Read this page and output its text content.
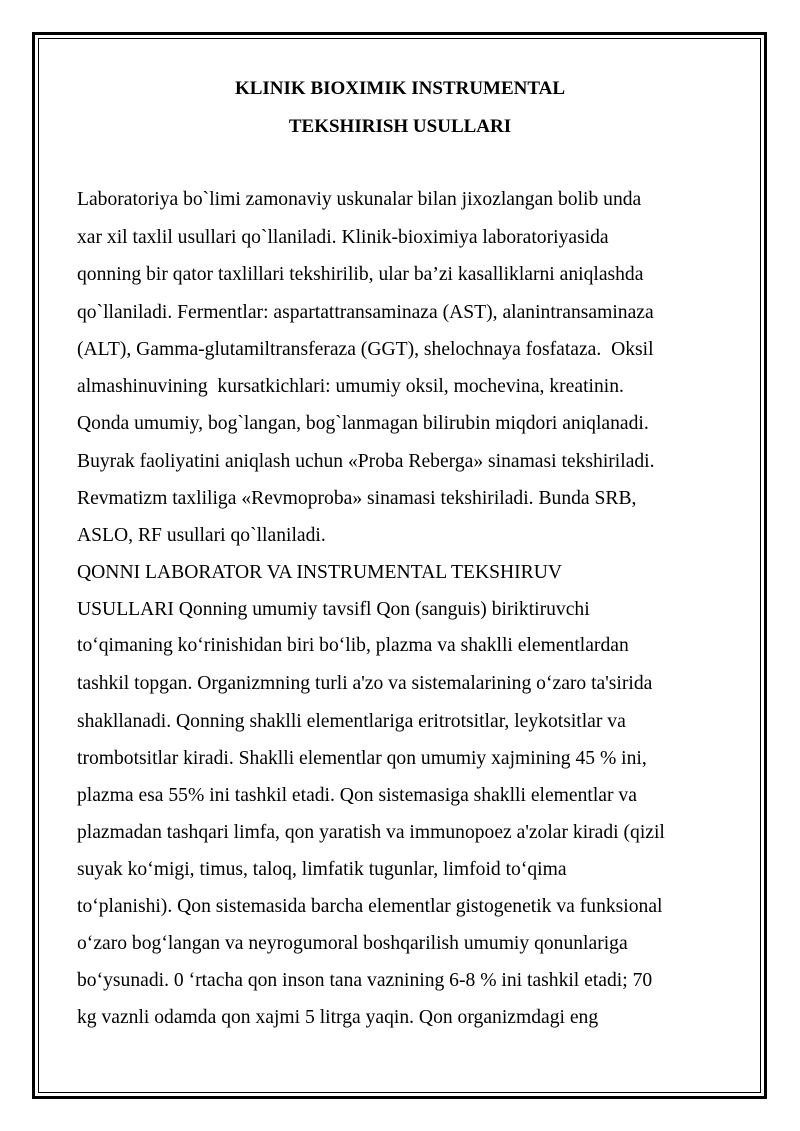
KLINIK BIOXIMIK INSTRUMENTAL
TEKSHIRISH USULLARI
Laboratoriya bo`limi zamonaviy uskunalar bilan jixozlangan bolib unda
xar xil taxlil usullari qo`llaniladi. Klinik-bioximiya laboratoriyasida
qonning bir qator taxlillari tekshirilib, ular ba’zi kasalliklarni aniqlashda
qo`llaniladi. Fermentlar: aspartattransaminaza (AST), alanintransaminaza
(ALT), Gamma-glutamiltransferaza (GGT), shelochnaya fosfataza.  Oksil
almashinuvining  kursatkichlari: umumiy oksil, mochevina, kreatinin.
Qonda umumiy, bog`langan, bog`lanmagan bilirubin miqdori aniqlanadi.
Buyrak faoliyatini aniqlash uchun «Proba Reberga» sinamasi tekshiriladi.
Revmatizm taxliliga «Revmoproba» sinamasi tekshiriladi. Bunda SRB,
ASLO, RF usullari qo`llaniladi.
QONNI LABORATOR VA INSTRUMENTAL TEKSHIRUV
USULLARI Qonning umumiy tavsifl Qon (sanguis) biriktiruvchi
to‘qimaning ko‘rinishidan biri bo‘lib, plazma va shaklli elementlardan
tashkil topgan. Organizmning turli a'zo va sistemalarining o‘zaro ta'sirida
shakllanadi. Qonning shaklli elementlariga eritrotsitlar, leykotsitlar va
trombotsitlar kiradi. Shaklli elementlar qon umumiy xajmining 45 % ini,
plazma esa 55% ini tashkil etadi. Qon sistemasiga shaklli elementlar va
plazmadan tashqari limfa, qon yaratish va immunopoez a'zolar kiradi (qizil
suyak ko‘migi, timus, taloq, limfatik tugunlar, limfoid to‘qima
to‘planishi). Qon sistemasida barcha elementlar gistogenetik va funksional
o‘zaro bog‘langan va neyrogumoral boshqarilish umumiy qonunlariga
bo‘ysunadi. 0 ‘rtacha qon inson tana vaznining 6-8 % ini tashkil etadi; 70
kg vaznli odamda qon xajmi 5 litrga yaqin. Qon organizmdagi eng
